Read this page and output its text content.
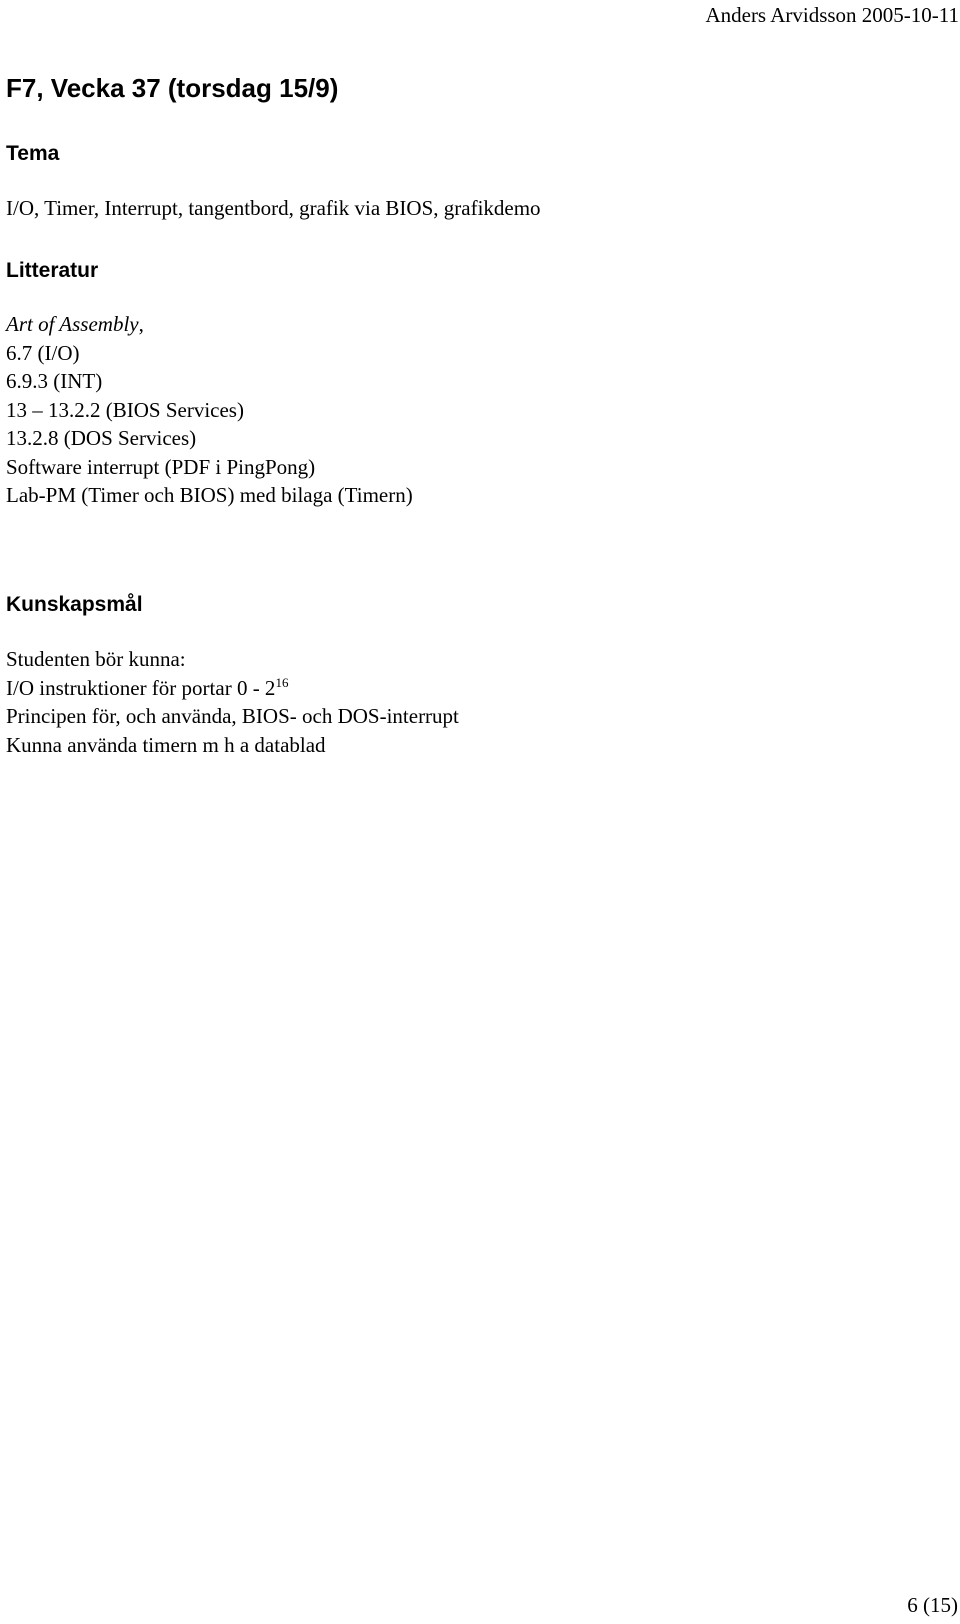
Anders Arvidsson 2005-10-11
F7, Vecka 37 (torsdag 15/9)
Tema

I/O, Timer, Interrupt, tangentbord, grafik via BIOS, grafikdemo

Litteratur
Art of Assembly,
6.7 (I/O)
6.9.3 (INT)
13 – 13.2.2 (BIOS Services)
13.2.8 (DOS Services)
Software interrupt (PDF i PingPong)
Lab-PM (Timer och BIOS) med bilaga (Timern)
Kunskapsmål
Studenten bör kunna:
I/O instruktioner för portar $0 - 2^{16}$
Principen för, och använda, BIOS- och DOS-interrupt
Kunna använda timern m h a datablad
6 (15)
